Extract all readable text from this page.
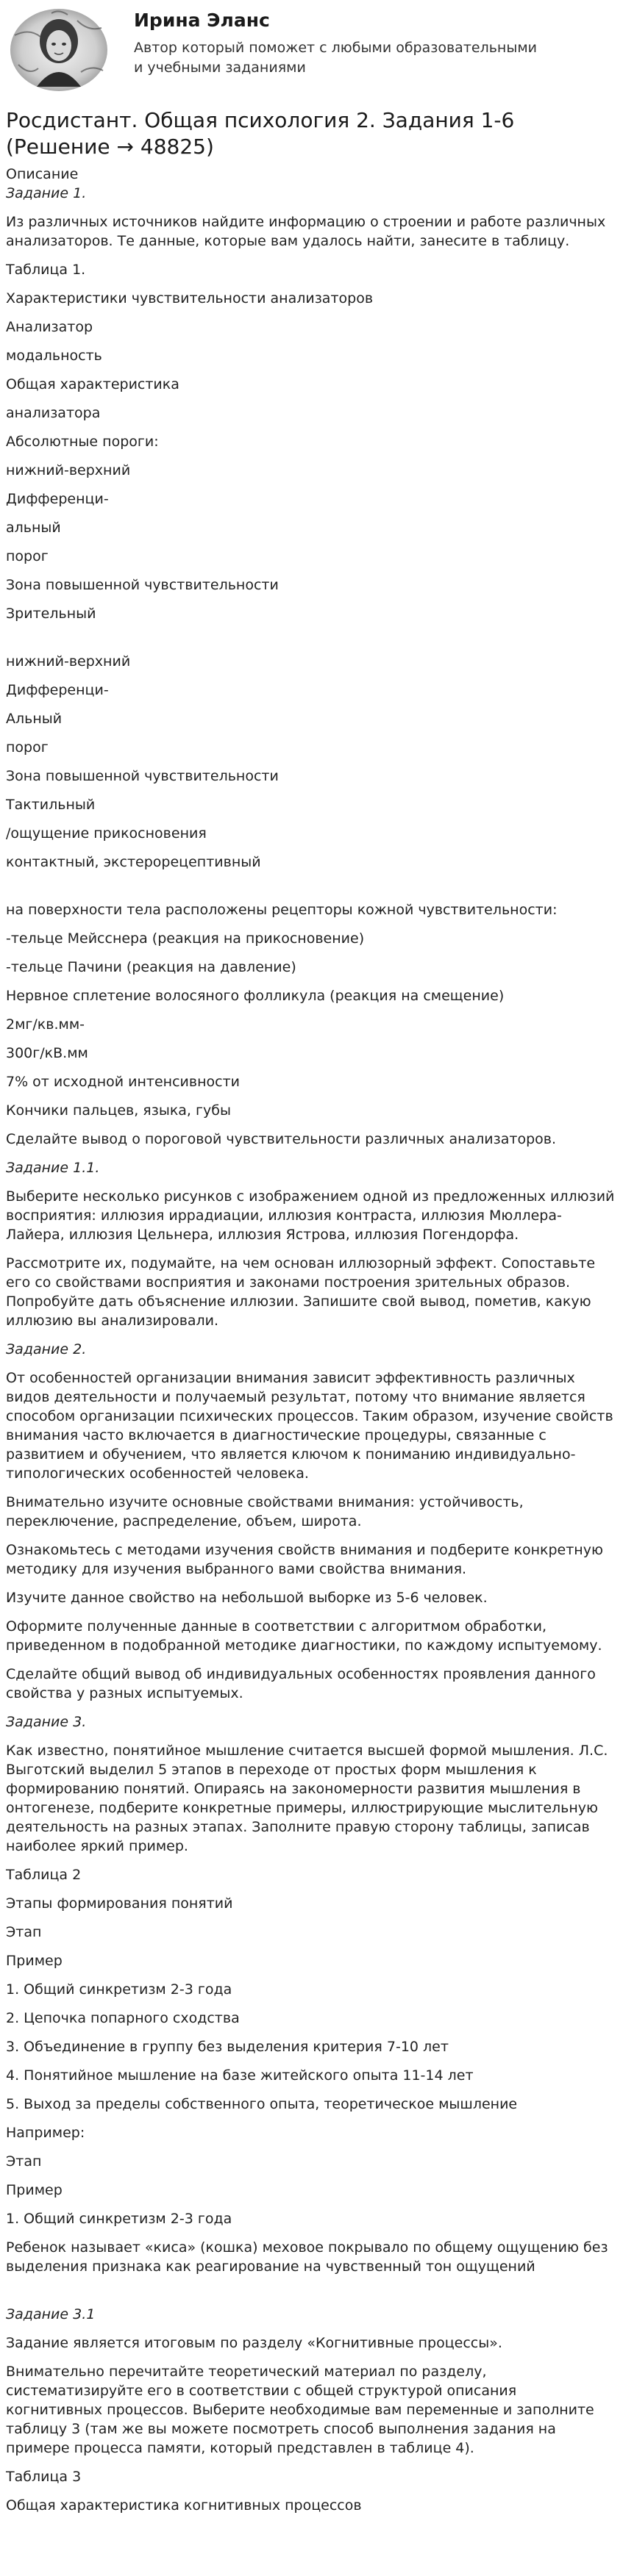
Ирина Эланс
Автор который поможет с любыми образовательными и учебными заданиями
Росдистант. Общая психология 2. Задания 1-6 (Решение → 48825)
Описание

Задание 1.

Из различных источников найдите информацию о строении и работе различных анализаторов. Те данные, которые вам удалось найти, занесите в таблицу.

Таблица 1.

Характеристики чувствительности анализаторов

Анализатор

модальность

Общая характеристика

анализатора

Абсолютные пороги:

нижний-верхний

Дифференци-

альный

порог

Зона повышенной чувствительности

Зрительный

нижний-верхний

Дифференци-

Альный

порог

Зона повышенной чувствительности

Тактильный

/ощущение прикосновения

контактный, экстерорецептивный

на поверхности тела расположены рецепторы кожной чувствительности:

-тельце Мейсснера (реакция на прикосновение)

-тельце Пачини (реакция на давление)

Нервное сплетение волосяного фолликула (реакция на смещение)

2мг/кв.мм-

300г/кВ.мм

7% от исходной интенсивности

Кончики пальцев, языка, губы

Сделайте вывод о пороговой чувствительности различных анализаторов.

Задание 1.1.

Выберите несколько рисунков с изображением одной из предложенных иллюзий восприятия: иллюзия иррадиации, иллюзия контраста, иллюзия Мюллера-Лайера, иллюзия Цельнера, иллюзия Ястрова, иллюзия Погендорфа.

Рассмотрите их, подумайте, на чем основан иллюзорный эффект. Сопоставьте его со свойствами восприятия и законами построения зрительных образов. Попробуйте дать объяснение иллюзии. Запишите свой вывод, пометив, какую иллюзию вы анализировали.

Задание 2.

От особенностей организации внимания зависит эффективность различных видов деятельности и получаемый результат, потому что внимание является способом организации психических процессов. Таким образом, изучение свойств внимания часто включается в диагностические процедуры, связанные с развитием и обучением, что является ключом к пониманию индивидуально-типологических особенностей человека.

Внимательно изучите основные свойствами внимания: устойчивость, переключение, распределение, объем, широта.

Ознакомьтесь с методами изучения свойств внимания и подберите конкретную методику для изучения выбранного вами свойства внимания.

Изучите данное свойство на небольшой выборке из 5-6 человек.

Оформите полученные данные в соответствии с алгоритмом обработки, приведенном в подобранной методике диагностики, по каждому испытуемому.

Сделайте общий вывод об индивидуальных особенностях проявления данного свойства у разных испытуемых.

Задание 3.

Как известно, понятийное мышление считается высшей формой мышления. Л.С. Выготский выделил 5 этапов в переходе от простых форм мышления к формированию понятий. Опираясь на закономерности развития мышления в онтогенезе, подберите конкретные примеры, иллюстрирующие мыслительную деятельность на разных этапах. Заполните правую сторону таблицы, записав наиболее яркий пример.

Таблица 2

Этапы формирования понятий

Этап

Пример

1. Общий синкретизм 2-3 года

2. Цепочка попарного сходства

3. Объединение в группу без выделения критерия 7-10 лет

4. Понятийное мышление на базе житейского опыта 11-14 лет

5. Выход за пределы собственного опыта, теоретическое мышление

Например:

Этап

Пример

1. Общий синкретизм 2-3 года

Ребенок называет «киса» (кошка) меховое покрывало по общему ощущению без выделения признака как реагирование на чувственный тон ощущений

Задание 3.1

Задание является итоговым по разделу «Когнитивные процессы».

Внимательно перечитайте теоретический материал по разделу, систематизируйте его в соответствии с общей структурой описания когнитивных процессов. Выберите необходимые вам переменные и заполните таблицу 3 (там же вы можете посмотреть способ выполнения задания на примере процесса памяти, который представлен в таблице 4).

Таблица 3

Общая характеристика когнитивных процессов
